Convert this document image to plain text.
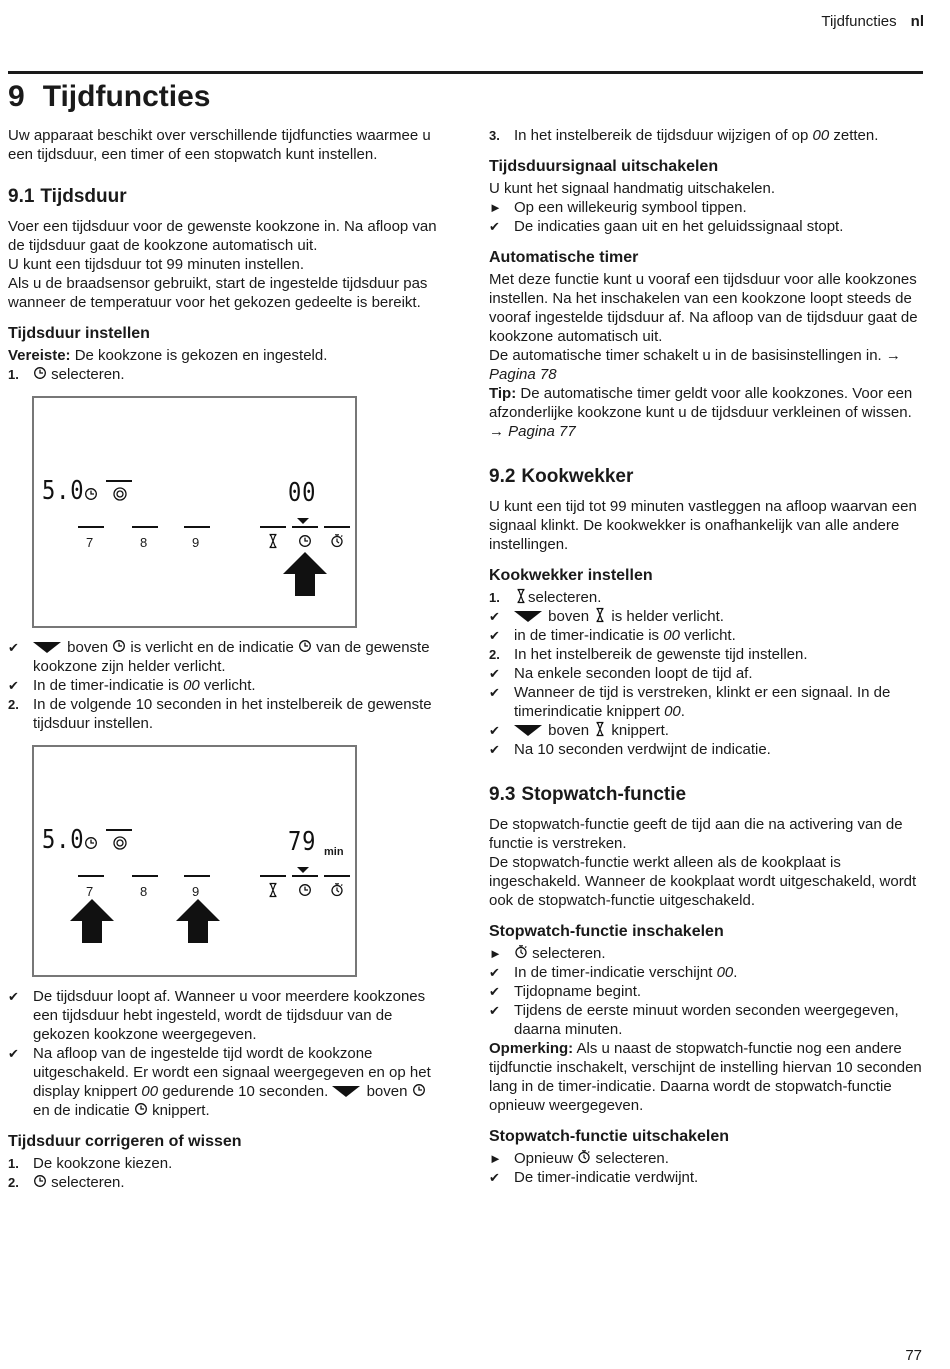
Tijdfuncties nl
9 Tijdfuncties

Uw apparaat beschikt over verschillende tijdfuncties waarmee u een tijdsduur, een timer of een stopwatch kunt instellen.

9.1 Tijdsduur

Voer een tijdsduur voor de gewenste kookzone in. Na afloop van de tijdsduur gaat de kookzone automatisch uit.

U kunt een tijdsduur tot 99 minuten instellen.

Als u de braadsensor gebruikt, start de ingestelde tijdsduur pas wanneer de temperatuur voor het gekozen gedeelte is bereikt.

Tijdsduur instellen

Vereiste: De kookzone is gekozen en ingesteld.

1.	selecteren.
5.0	00
7	8	9
✔	boven  is verlicht en de indicatie  van de gewenste kookzone zijn helder verlicht.
✔ In de timer-indicatie is 00 verlicht.
2. In de volgende 10 seconden in het instelbereik de gewenste tijdsduur instellen.
5.0	79 min
7	8	9
✔ De tijdsduur loopt af. Wanneer u voor meerdere kookzones een tijdsduur hebt ingesteld, wordt de tijdsduur van de gekozen kookzone weergegeven.
✔ Na afloop van de ingestelde tijd wordt de kookzone uitgeschakeld. Er wordt een signaal weergegeven en op het display knippert 00 gedurende 10 seconden.  boven  en de indicatie  knippert.
Tijdsduur corrigeren of wissen
1. De kookzone kiezen.
2.	selecteren.
3. In het instelbereik de tijdsduur wijzigen of op 00 zetten.
Tijdsduursignaal uitschakelen

U kunt het signaal handmatig uitschakelen.

► Op een willekeurig symbool tippen.
✔ De indicaties gaan uit en het geluidssignaal stopt.
Automatische timer

Met deze functie kunt u vooraf een tijdsduur voor alle kookzones instellen. Na het inschakelen van een kookzone loopt steeds de vooraf ingestelde tijdsduur af. Na afloop van de tijdsduur gaat de kookzone automatisch uit.

De automatische timer schakelt u in de basisinstellingen in. → Pagina 78

Tip: De automatische timer geldt voor alle kookzones. Voor een afzonderlijke kookzone kunt u de tijdsduur verkleinen of wissen. → Pagina 77

9.2 Kookwekker

U kunt een tijd tot 99 minuten vastleggen na afloop waarvan een signaal klinkt. De kookwekker is onafhankelijk van alle andere instellingen.

Kookwekker instellen
1.	selecteren.
✔	boven  is helder verlicht.
✔ in de timer-indicatie is 00 verlicht.
2. In het instelbereik de gewenste tijd instellen.
✔ Na enkele seconden loopt de tijd af.
✔ Wanneer de tijd is verstreken, klinkt er een signaal. In de timerindicatie knippert 00.
✔	boven  knippert.
✔ Na 10 seconden verdwijnt de indicatie.
9.3 Stopwatch-functie

De stopwatch-functie geeft de tijd aan die na activering van de functie is verstreken.

De stopwatch-functie werkt alleen als de kookplaat is ingeschakeld. Wanneer de kookplaat wordt uitgeschakeld, wordt ook de stopwatch-functie uitgeschakeld.

Stopwatch-functie inschakelen
►	selecteren.
✔ In de timer-indicatie verschijnt 00.
✔ Tijdopname begint.
✔ Tijdens de eerste minuut worden seconden weergegeven, daarna minuten.

Opmerking: Als u naast de stopwatch-functie nog een andere tijdfunctie inschakelt, verschijnt de instelling hiervan 10 seconden lang in de timer-indicatie. Daarna wordt de stopwatch-functie opnieuw weergegeven.

Stopwatch-functie uitschakelen
► Opnieuw  selecteren.
✔ De timer-indicatie verdwijnt.
77
